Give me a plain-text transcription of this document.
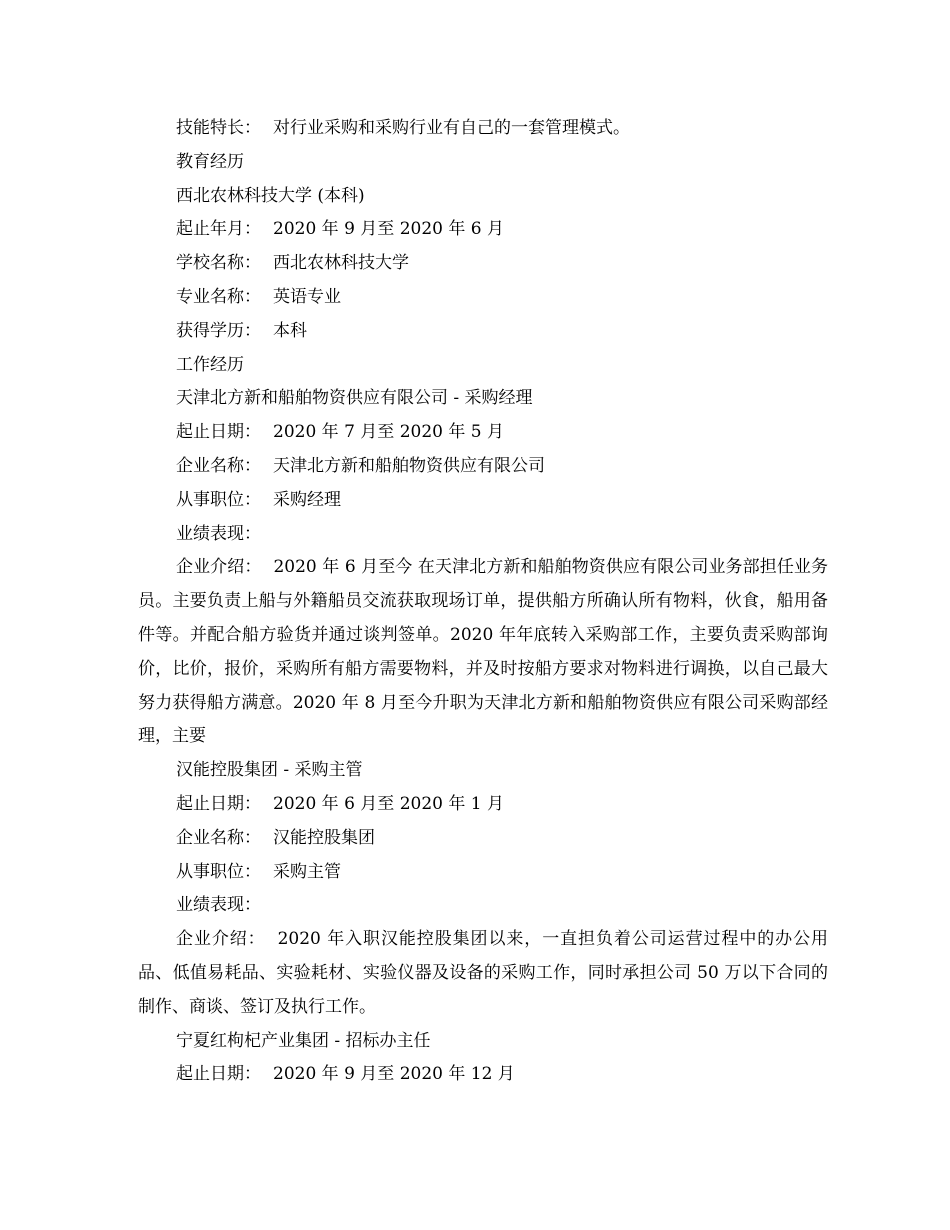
技能特长： 对行业采购和采购行业有自己的一套管理模式。
教育经历
西北农林科技大学 (本科)
起止年月： 2020 年 9 月至 2020 年 6 月
学校名称： 西北农林科技大学
专业名称： 英语专业
获得学历： 本科
工作经历
天津北方新和船舶物资供应有限公司 - 采购经理
起止日期： 2020 年 7 月至 2020 年 5 月
企业名称： 天津北方新和船舶物资供应有限公司
从事职位： 采购经理
业绩表现：

企业介绍： 2020 年 6 月至今 在天津北方新和船舶物资供应有限公司业务部担任业务员。主要负责上船与外籍船员交流获取现场订单，提供船方所确认所有物料，伙食，船用备件等。并配合船方验货并通过谈判签单。2020 年年底转入采购部工作，主要负责采购部询价，比价，报价，采购所有船方需要物料，并及时按船方要求对物料进行调换，以自己最大努力获得船方满意。2020 年 8 月至今升职为天津北方新和船舶物资供应有限公司采购部经理，主要

汉能控股集团 - 采购主管
起止日期： 2020 年 6 月至 2020 年 1 月
企业名称： 汉能控股集团
从事职位： 采购主管
业绩表现：

企业介绍： 2020 年入职汉能控股集团以来，一直担负着公司运营过程中的办公用品、低值易耗品、实验耗材、实验仪器及设备的采购工作，同时承担公司 50 万以下合同的制作、商谈、签订及执行工作。

宁夏红枸杞产业集团 - 招标办主任
起止日期： 2020 年 9 月至 2020 年 12 月
